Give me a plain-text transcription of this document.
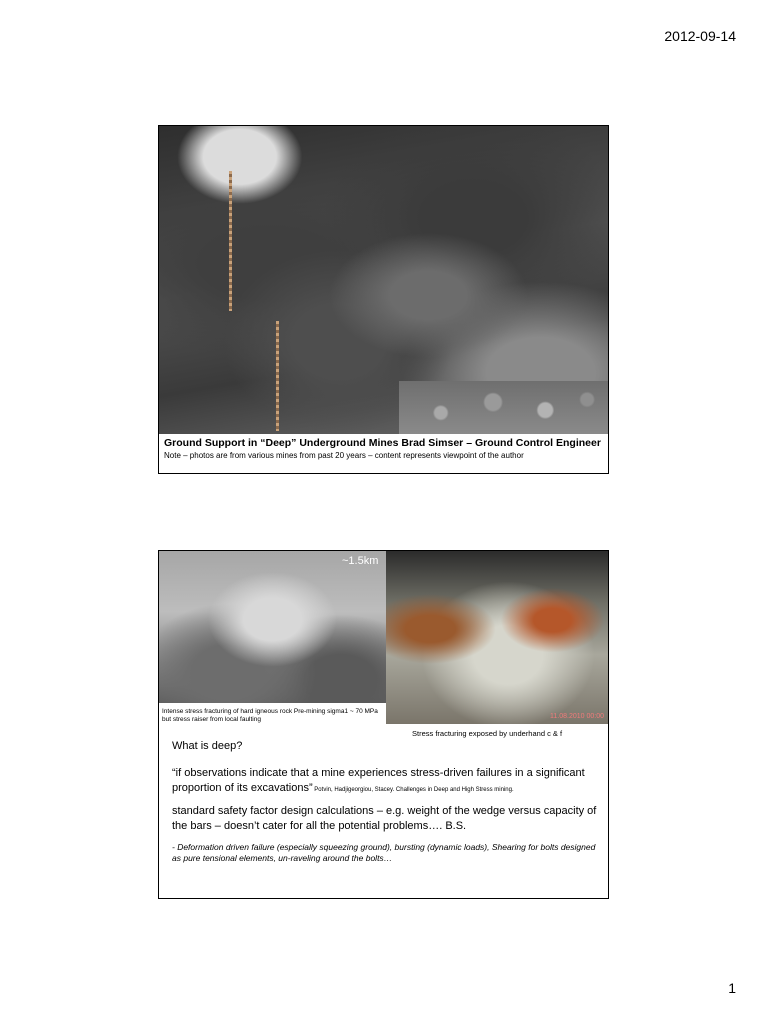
2012-09-14
Ground Support in “Deep” Underground Mines Brad Simser – Ground Control Engineer
Note – photos are from various mines from past 20 years – content represents viewpoint of the author
~1.5km
11.08.2010 00:00
Intense stress fracturing of hard igneous rock Pre-mining sigma1 ~ 70 MPa but stress raiser from local faulting
Stress fracturing exposed by underhand c & f

What is deep?

“if observations indicate that a mine experiences stress-driven failures in a significant proportion of its excavations” Potvin, Hadjigeorgiou, Stacey. Challenges in Deep and High Stress mining.

standard safety factor design calculations – e.g. weight of the wedge versus capacity of the bars – doesn’t cater for all the potential problems…. B.S.

- Deformation driven failure (especially squeezing ground), bursting (dynamic loads), Shearing for bolts designed as pure tensional elements, un-raveling around the bolts…

1
